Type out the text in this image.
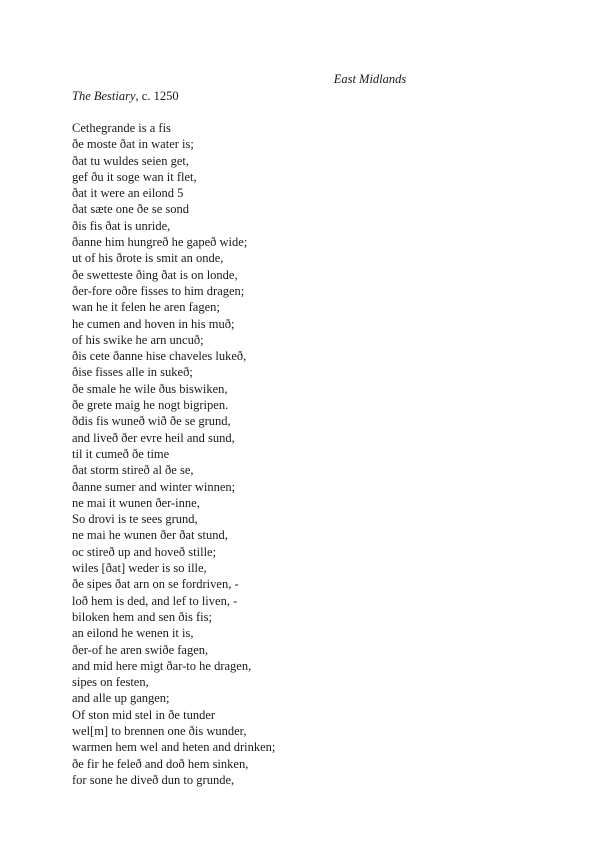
East Midlands
The Bestiary, c. 1250
Cethegrande is a fis
ðe moste ðat in water is;
ðat tu wuldes seien get,
gef ðu it soge wan it flet,
ðat it were an eilond 5
ðat sæte one ðe se sond
ðis fis ðat is unride,
ðanne him hungreð he gapeð wide;
ut of his ðrote is smit an onde,
ðe swetteste ðing ðat is on londe,
ðer-fore oðre fisses to him dragen;
wan he it felen he aren fagen;
he cumen and hoven in his muð;
of his swike he arn uncuð;
ðis cete ðanne hise chaveles lukeð,
ðise fisses alle in sukeð;
ðe smale he wile ðus biswiken,
ðe grete maig he nogt bigripen.
ðdis fis wuneð wið ðe se grund,
and liveð ðer evre heil and sund,
til it cumeð ðe time
ðat storm stireð al ðe se,
ðanne sumer and winter winnen;
ne mai it wunen ðer-inne,
So drovi is te sees grund,
ne mai he wunen ðer ðat stund,
oc stireð up and hoveð stille;
wiles [ðat] weder is so ille,
ðe sipes ðat arn on se fordriven, -
loð hem is ded, and lef to liven, -
biloken hem and sen ðis fis;
an eilond he wenen it is,
ðer-of he aren swiðe fagen,
and mid here migt ðar-to he dragen,
sipes on festen,
and alle up gangen;
Of ston mid stel in ðe tunder
wel[m] to brennen one ðis wunder,
warmen hem wel and heten and drinken;
ðe fir he feleð and doð hem sinken,
for sone he diveð dun to grunde,
